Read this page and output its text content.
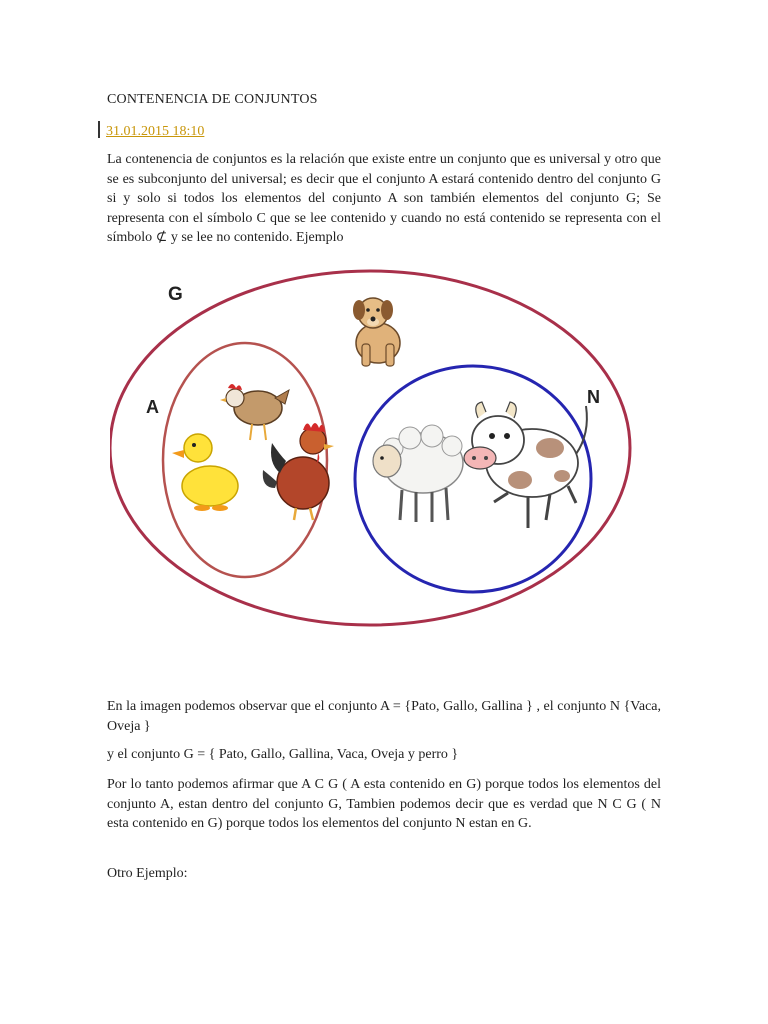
CONTENENCIA DE CONJUNTOS
31.01.2015 18:10

La contenencia de conjuntos es la relación que existe entre un conjunto que es universal y otro que se es subconjunto del universal; es decir que el conjunto A estará contenido dentro del conjunto G si y solo si todos los elementos del conjunto A son también elementos del conjunto G; Se representa con el símbolo C que se lee contenido y cuando no está contenido se representa con el símbolo ⊄ y se lee no contenido. Ejemplo

En la imagen podemos observar que el conjunto A = {Pato, Gallo, Gallina } , el conjunto N {Vaca, Oveja }

y el conjunto G = { Pato, Gallo, Gallina, Vaca, Oveja y perro }

Por lo tanto podemos afirmar que A C G ( A esta contenido en G) porque todos los elementos del conjunto A, estan dentro del conjunto G, Tambien podemos decir que es verdad que N C G ( N esta contenido en G) porque todos los elementos del conjunto N estan en G.

Otro Ejemplo:

G
A	N
